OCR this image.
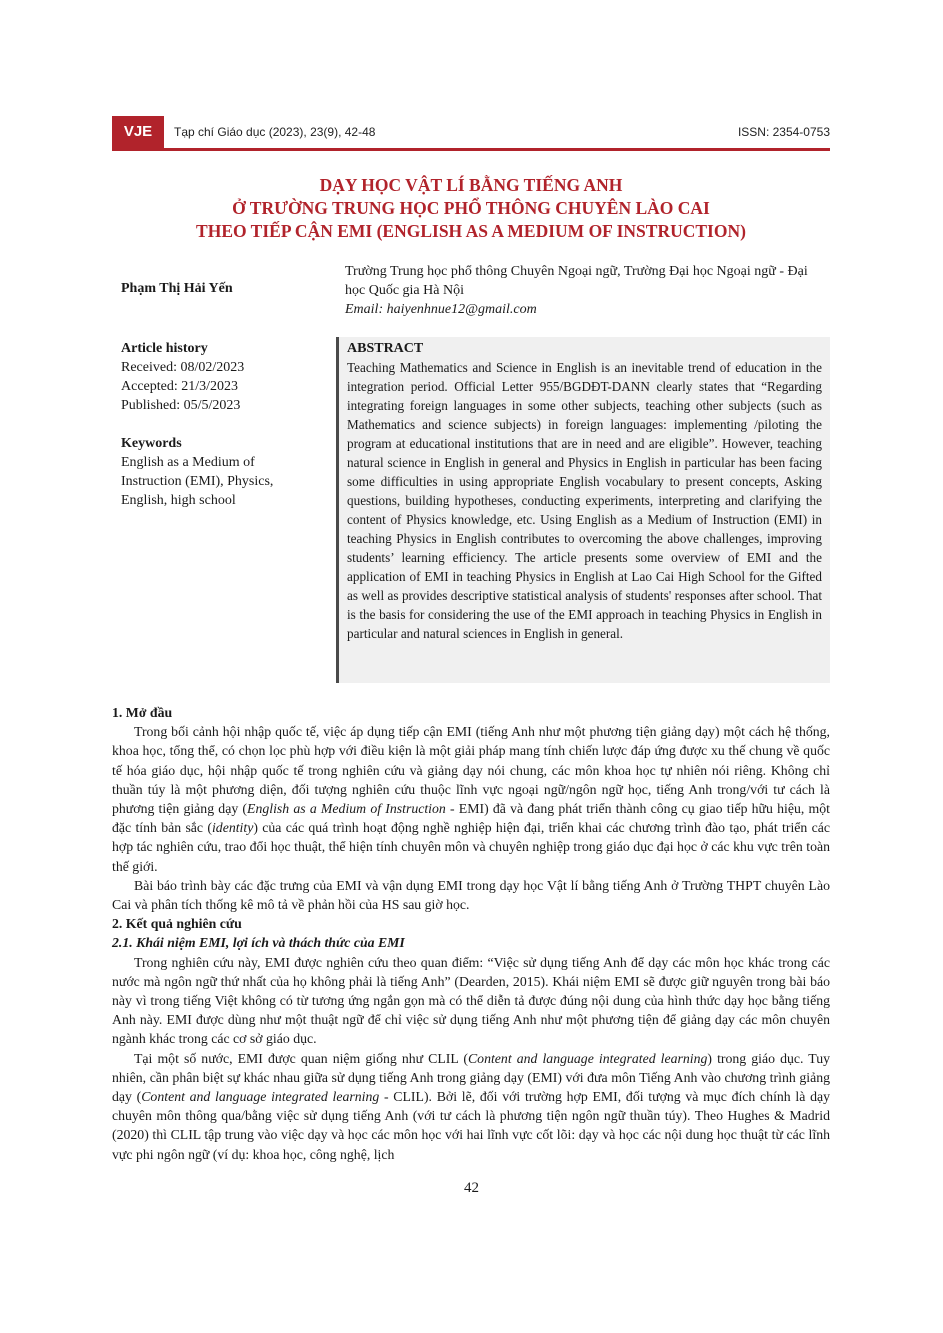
VJE	Tạp chí Giáo dục (2023), 23(9), 42-48	ISSN: 2354-0753
DẠY HỌC VẬT LÍ BẰNG TIẾNG ANH
Ở TRƯỜNG TRUNG HỌC PHỔ THÔNG CHUYÊN LÀO CAI
THEO TIẾP CẬN EMI (ENGLISH AS A MEDIUM OF INSTRUCTION)
Phạm Thị Hải Yến
Trường Trung học phổ thông Chuyên Ngoại ngữ, Trường Đại học Ngoại ngữ - Đại học Quốc gia Hà Nội
Email: haiyenhnue12@gmail.com
Article history
Received: 08/02/2023
Accepted: 21/3/2023
Published: 05/5/2023
Keywords
English as a Medium of Instruction (EMI), Physics, English, high school
ABSTRACT

Teaching Mathematics and Science in English is an inevitable trend of education in the integration period. Official Letter 955/BGDĐT-DANN clearly states that “Regarding integrating foreign languages in some other subjects, teaching other subjects (such as Mathematics and science subjects) in foreign languages: implementing /piloting the program at educational institutions that are in need and are eligible”. However, teaching natural science in English in general and Physics in English in particular has been facing some difficulties in using appropriate English vocabulary to present concepts, Asking questions, building hypotheses, conducting experiments, interpreting and clarifying the content of Physics knowledge, etc. Using English as a Medium of Instruction (EMI) in teaching Physics in English contributes to overcoming the above challenges, improving students’ learning efficiency. The article presents some overview of EMI and the application of EMI in teaching Physics in English at Lao Cai High School for the Gifted as well as provides descriptive statistical analysis of students' responses after school. That is the basis for considering the use of the EMI approach in teaching Physics in English in particular and natural sciences in English in general.

1. Mở đầu

Trong bối cảnh hội nhập quốc tế, việc áp dụng tiếp cận EMI (tiếng Anh như một phương tiện giảng dạy) một cách hệ thống, khoa học, tổng thể, có chọn lọc phù hợp với điều kiện là một giải pháp mang tính chiến lược đáp ứng được xu thế chung về quốc tế hóa giáo dục, hội nhập quốc tế trong nghiên cứu và giảng dạy nói chung, các môn khoa học tự nhiên nói riêng. Không chỉ thuần túy là một phương diện, đối tượng nghiên cứu thuộc lĩnh vực ngoại ngữ/ngôn ngữ học, tiếng Anh trong/với tư cách là phương tiện giảng dạy (English as a Medium of Instruction - EMI) đã và đang phát triển thành công cụ giao tiếp hữu hiệu, một đặc tính bản sắc (identity) của các quá trình hoạt động nghề nghiệp hiện đại, triển khai các chương trình đào tạo, phát triển các hợp tác nghiên cứu, trao đổi học thuật, thể hiện tính chuyên môn và chuyên nghiệp trong giáo dục đại học ở các khu vực trên toàn thế giới.

Bài báo trình bày các đặc trưng của EMI và vận dụng EMI trong dạy học Vật lí bằng tiếng Anh ở Trường THPT chuyên Lào Cai và phân tích thống kê mô tả về phản hồi của HS sau giờ học.

2. Kết quả nghiên cứu
2.1. Khái niệm EMI, lợi ích và thách thức của EMI

Trong nghiên cứu này, EMI được nghiên cứu theo quan điểm: “Việc sử dụng tiếng Anh để dạy các môn học khác trong các nước mà ngôn ngữ thứ nhất của họ không phải là tiếng Anh” (Dearden, 2015). Khái niệm EMI sẽ được giữ nguyên trong bài báo này vì trong tiếng Việt không có từ tương ứng ngắn gọn mà có thể diễn tả được đúng nội dung của hình thức dạy học bằng tiếng Anh này. EMI được dùng như một thuật ngữ để chỉ việc sử dụng tiếng Anh như một phương tiện để giảng dạy các môn chuyên ngành khác trong các cơ sở giáo dục.

Tại một số nước, EMI được quan niệm giống như CLIL (Content and language integrated learning) trong giáo dục. Tuy nhiên, cần phân biệt sự khác nhau giữa sử dụng tiếng Anh trong giảng dạy (EMI) với đưa môn Tiếng Anh vào chương trình giảng dạy (Content and language integrated learning - CLIL). Bởi lẽ, đối với trường hợp EMI, đối tượng và mục đích chính là dạy chuyên môn thông qua/bằng việc sử dụng tiếng Anh (với tư cách là phương tiện ngôn ngữ thuần túy). Theo Hughes & Madrid (2020) thì CLIL tập trung vào việc dạy và học các môn học với hai lĩnh vực cốt lõi: dạy và học các nội dung học thuật từ các lĩnh vực phi ngôn ngữ (ví dụ: khoa học, công nghệ, lịch

42
